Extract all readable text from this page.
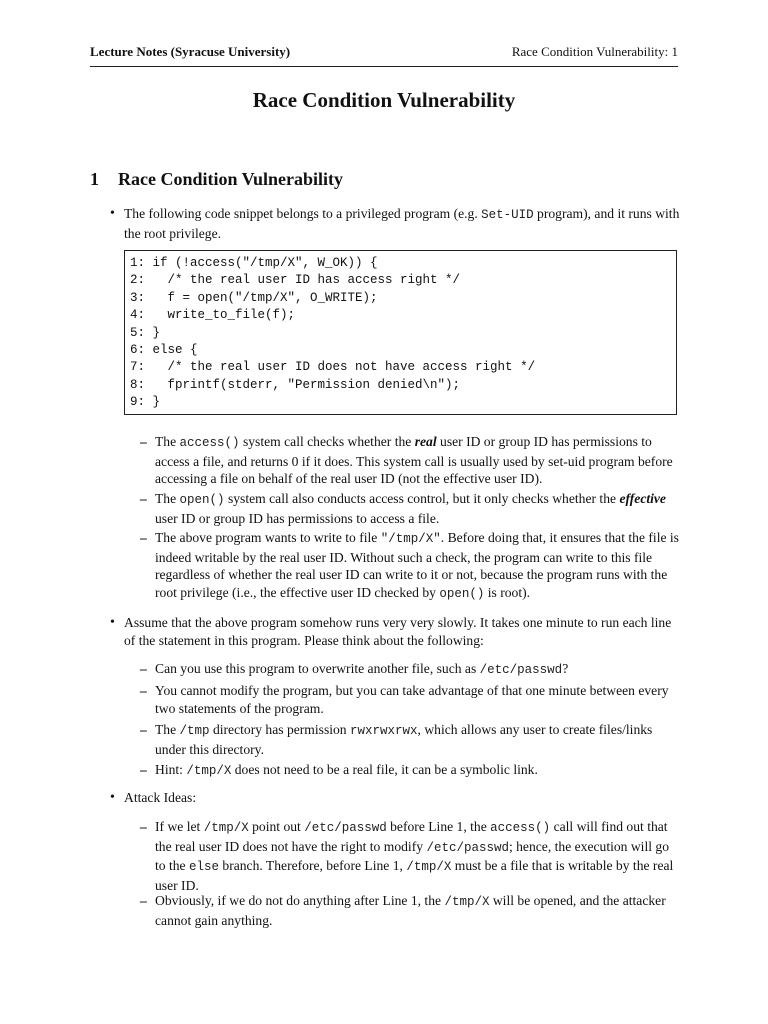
Lecture Notes (Syracuse University)	Race Condition Vulnerability: 1
Race Condition Vulnerability
1 Race Condition Vulnerability

• The following code snippet belongs to a privileged program (e.g. Set-UID program), and it runs with the root privilege.

1: if (!access("/tmp/X", W_OK)) {
2:   /* the real user ID has access right */
3:   f = open("/tmp/X", O_WRITE);
4:   write_to_file(f);
5: }
6: else {
7:   /* the real user ID does not have access right */
8:   fprintf(stderr, "Permission denied\n");
9: }

– The access() system call checks whether the real user ID or group ID has permissions to access a file, and returns 0 if it does. This system call is usually used by set-uid program before accessing a file on behalf of the real user ID (not the effective user ID).

– The open() system call also conducts access control, but it only checks whether the effective user ID or group ID has permissions to access a file.

– The above program wants to write to file "/tmp/X". Before doing that, it ensures that the file is indeed writable by the real user ID. Without such a check, the program can write to this file regardless of whether the real user ID can write to it or not, because the program runs with the root privilege (i.e., the effective user ID checked by open() is root).

• Assume that the above program somehow runs very very slowly. It takes one minute to run each line of the statement in this program. Please think about the following:

– Can you use this program to overwrite another file, such as /etc/passwd?

– You cannot modify the program, but you can take advantage of that one minute between every two statements of the program.

– The /tmp directory has permission rwxrwxrwx, which allows any user to create files/links under this directory.

– Hint: /tmp/X does not need to be a real file, it can be a symbolic link.

• Attack Ideas:

– If we let /tmp/X point out /etc/passwd before Line 1, the access() call will find out that the real user ID does not have the right to modify /etc/passwd; hence, the execution will go to the else branch. Therefore, before Line 1, /tmp/X must be a file that is writable by the real user ID.

– Obviously, if we do not do anything after Line 1, the /tmp/X will be opened, and the attacker cannot gain anything.
